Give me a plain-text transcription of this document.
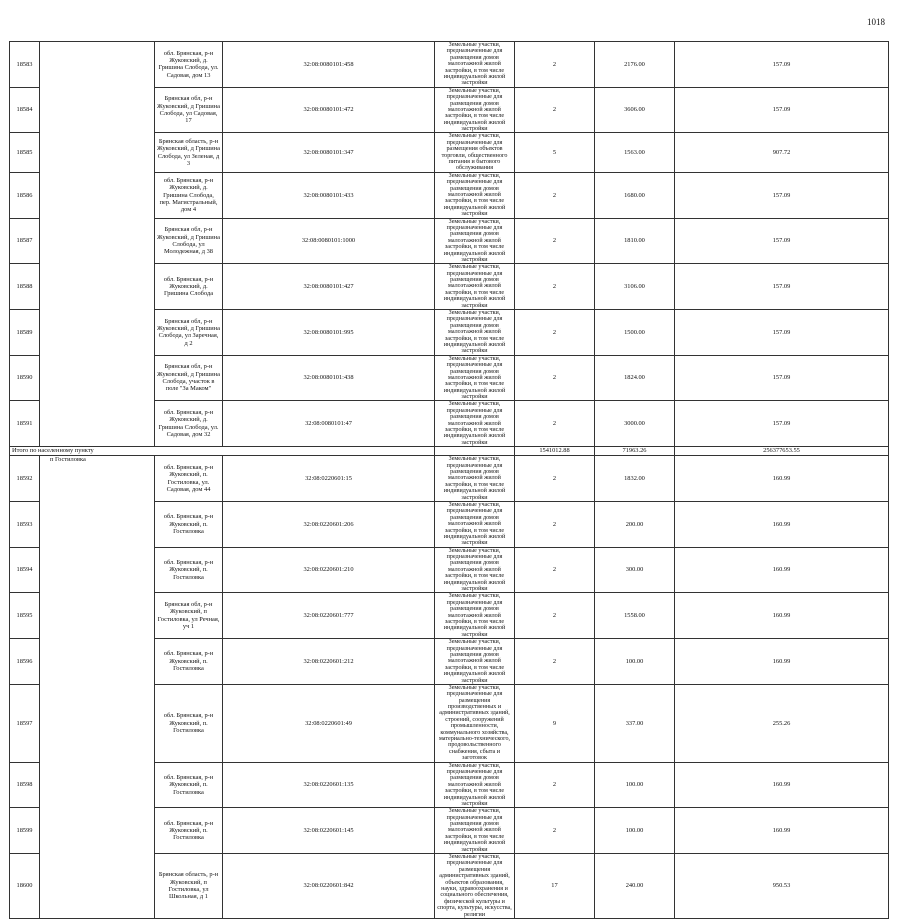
1018
18583		обл. Брянская, р-н Жуковский, д. Гришина Слобода, ул. Садовая, дом 13	32:08:0080101:458	Земельные участки, предназначенные для размещения домов малоэтажной жилой застройки, в том числе индивидуальной жилой застройки	2	2176.00	157.09	
18584		Брянская обл, р-н Жуковский, д Гришина Слобода, ул Садовая, 17	32:08:0080101:472	Земельные участки, предназначенные для размещения домов малоэтажной жилой застройки, в том числе индивидуальной жилой застройки	2	3606.00	157.09	
18585		Брянская область, р-н Жуковский, д Гришина Слобода, ул Зеленая, д 3	32:08:0080101:347	Земельные участки, предназначенные для размещения объектов торговли, общественного питания и бытового обслуживания	5	1563.00	907.72	
18586		обл. Брянская, р-н Жуковский, д. Гришина Слобода, пер. Магистральный, дом 4	32:08:0080101:433	Земельные участки, предназначенные для размещения домов малоэтажной жилой застройки, в том числе индивидуальной жилой застройки	2	1680.00	157.09	
18587		Брянская обл, р-н Жуковский, д Гришина Слобода, ул Молодежная, д 38	32:08:0080101:1000	Земельные участки, предназначенные для размещения домов малоэтажной жилой застройки, в том числе индивидуальной жилой застройки	2	1810.00	157.09	
18588		обл. Брянская, р-н Жуковский, д. Гришина Слобода	32:08:0080101:427	Земельные участки, предназначенные для размещения домов малоэтажной жилой застройки, в том числе индивидуальной жилой застройки	2	3106.00	157.09	
18589		Брянская обл, р-н Жуковский, д Гришина Слобода, ул Заречная, д 2	32:08:0080101:995	Земельные участки, предназначенные для размещения домов малоэтажной жилой застройки, в том числе индивидуальной жилой застройки	2	1500.00	157.09	
18590		Брянская обл, р-н Жуковский, д Гришина Слобода, участок в поле "За Маком"	32:08:0080101:438	Земельные участки, предназначенные для размещения домов малоэтажной жилой застройки, в том числе индивидуальной жилой застройки	2	1824.00	157.09	
18591		обл. Брянская, р-н Жуковский, д. Гришина Слобода, ул. Садовая, дом 32	32:08:0080101:47	Земельные участки, предназначенные для размещения домов малоэтажной жилой застройки, в том числе индивидуальной жилой застройки	2	3000.00	157.09	
Итого по населенному пункту					1541012.88	71963.26	256377653.55	
18592	п Гостиловка	обл. Брянская, р-н Жуковский, п. Гостиловка, ул. Садовая, дом 44	32:08:0220601:15	Земельные участки, предназначенные для размещения домов малоэтажной жилой застройки, в том числе индивидуальной жилой застройки	2	1832.00	160.99	
18593		обл. Брянская, р-н Жуковский, п. Гостиловка	32:08:0220601:206	Земельные участки, предназначенные для размещения домов малоэтажной жилой застройки, в том числе индивидуальной жилой застройки	2	200.00	160.99	
18594		обл. Брянская, р-н Жуковский, п. Гостиловка	32:08:0220601:210	Земельные участки, предназначенные для размещения домов малоэтажной жилой застройки, в том числе индивидуальной жилой застройки	2	300.00	160.99	
18595		Брянская обл, р-н Жуковский, п Гостиловка, ул Речная, уч 1	32:08:0220601:777	Земельные участки, предназначенные для размещения домов малоэтажной жилой застройки, в том числе индивидуальной жилой застройки	2	1558.00	160.99	
18596		обл. Брянская, р-н Жуковский, п. Гостиловка	32:08:0220601:212	Земельные участки, предназначенные для размещения домов малоэтажной жилой застройки, в том числе индивидуальной жилой застройки	2	100.00	160.99	
18597		обл. Брянская, р-н Жуковский, п. Гостиловка	32:08:0220601:49	Земельные участки, предназначенные для размещения производственных и административных зданий, строений, сооружений промышленности, коммунального хозяйства, материально-технического, продовольственного снабжения, сбыта и заготовок	9	337.00	255.26	
18598		обл. Брянская, р-н Жуковский, п. Гостиловка	32:08:0220601:135	Земельные участки, предназначенные для размещения домов малоэтажной жилой застройки, в том числе индивидуальной жилой застройки	2	100.00	160.99	
18599		обл. Брянская, р-н Жуковский, п. Гостиловка	32:08:0220601:145	Земельные участки, предназначенные для размещения домов малоэтажной жилой застройки, в том числе индивидуальной жилой застройки	2	100.00	160.99	
18600		Брянская область, р-н Жуковский, п Гостиловка, ул Школьная, д 1	32:08:0220601:842	Земельные участки, предназначенные для размещения административных зданий, объектов образования, науки, здравоохранения и социального обеспечения, физической культуры и спорта, культуры, искусства, религии	17	240.00	950.53	
